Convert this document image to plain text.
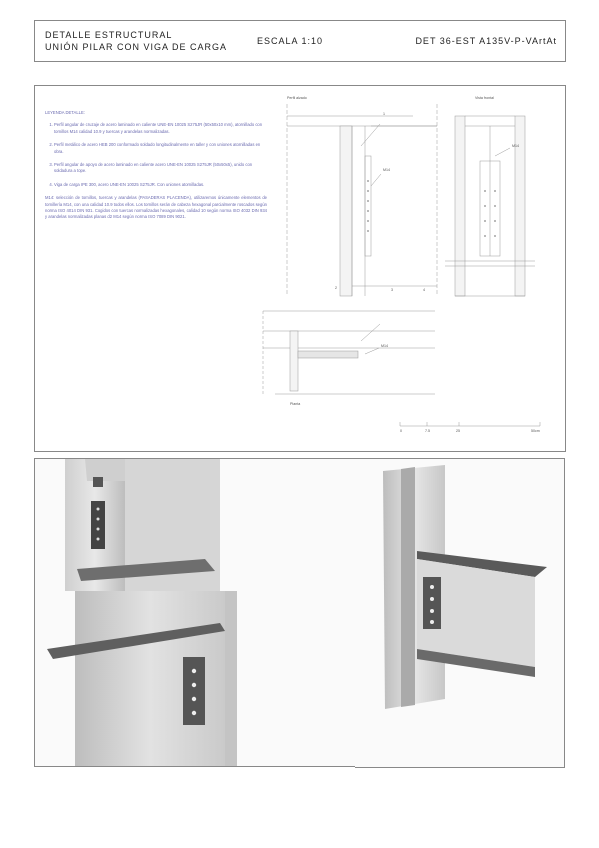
DETALLE ESTRUCTURAL
UNIÓN PILAR CON VIGA DE CARGA
ESCALA 1:10	DET 36-EST A135V-P-VArtAt
LEYENDA DETALLE:
1. Perfil angular de cruzaje de acero laminado en caliente UNE-EN 10025 S275JR (50x50x10 mm), atornillado con tornillos M14 calidad 10.9 y tuercas y arandelas normalizadas.
2. Perfil metálico de acero HEB 200 conformado soldado longitudinalmente en taller y con uniones atornilladas en obra.
3. Perfil angular de apoyo de acero laminado en caliente acero UNE-EN 10025 S275JR (50x50x5), unido con soldadura a tope.
4. Viga de carga IPE 300, acero UNE-EN 10025 S275JR. Con uniones atornilladas.
M14: selección de tornillos, tuercas y arandelas (PASADERAS PLACENDA), utilizaremos únicamente elementos de tornillería M14, con una calidad 10.9 todos ellos. Los tornillos serán de cabeza hexagonal parcialmente roscados según norma ISO 4014 DIN 931. Cogidos con tuercas normalizadas hexagonales, calidad 10 según norma ISO 4032 DIN 934 y arandelas normalizadas planas d2 M14 según norma ISO 7089 DIN 9021.
Perfil alzado	Vista frontal
Planta
M14
M14
M14
1
2	3	4
0	7.5	25	50cm
